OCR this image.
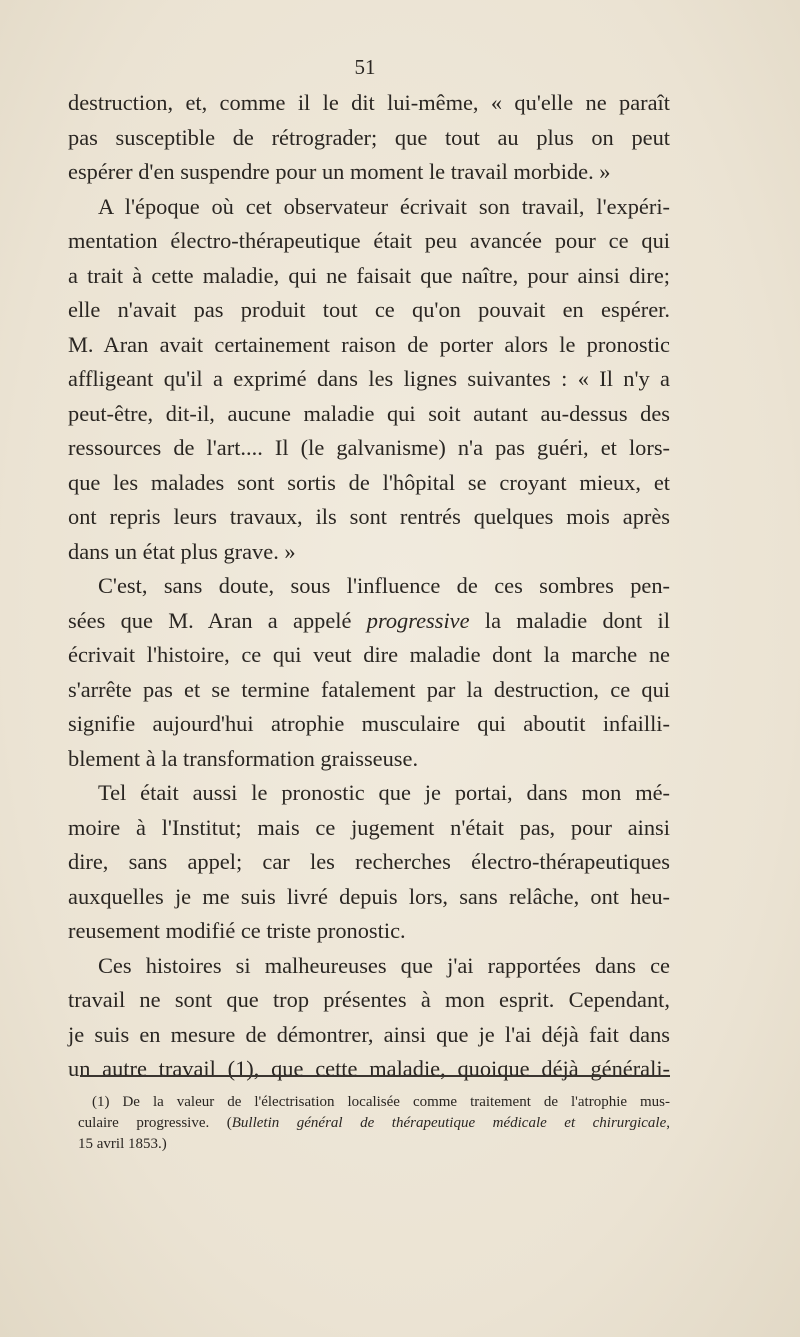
51
destruction, et, comme il le dit lui-même, « qu'elle ne paraît
pas susceptible de rétrograder; que tout au plus on peut
espérer d'en suspendre pour un moment le travail morbide. »
A l'époque où cet observateur écrivait son travail, l'expéri-
mentation électro-thérapeutique était peu avancée pour ce qui
a trait à cette maladie, qui ne faisait que naître, pour ainsi dire;
elle n'avait pas produit tout ce qu'on pouvait en espérer.
M. Aran avait certainement raison de porter alors le pronostic
affligeant qu'il a exprimé dans les lignes suivantes : « Il n'y a
peut-être, dit-il, aucune maladie qui soit autant au-dessus des
ressources de l'art.... Il (le galvanisme) n'a pas guéri, et lors-
que les malades sont sortis de l'hôpital se croyant mieux, et
ont repris leurs travaux, ils sont rentrés quelques mois après
dans un état plus grave. »
C'est, sans doute, sous l'influence de ces sombres pen-
sées que M. Aran a appelé progressive la maladie dont il
écrivait l'histoire, ce qui veut dire maladie dont la marche ne
s'arrête pas et se termine fatalement par la destruction, ce qui
signifie aujourd'hui atrophie musculaire qui aboutit infailli-
blement à la transformation graisseuse.
Tel était aussi le pronostic que je portai, dans mon mé-
moire à l'Institut; mais ce jugement n'était pas, pour ainsi
dire, sans appel; car les recherches électro-thérapeutiques
auxquelles je me suis livré depuis lors, sans relâche, ont heu-
reusement modifié ce triste pronostic.
Ces histoires si malheureuses que j'ai rapportées dans ce
travail ne sont que trop présentes à mon esprit. Cependant,
je suis en mesure de démontrer, ainsi que je l'ai déjà fait dans
un autre travail (1), que cette maladie, quoique déjà générali-
(1) De la valeur de l'électrisation localisée comme traitement de l'atrophie mus-
culaire progressive. (Bulletin général de thérapeutique médicale et chirurgicale,
15 avril 1853.)
